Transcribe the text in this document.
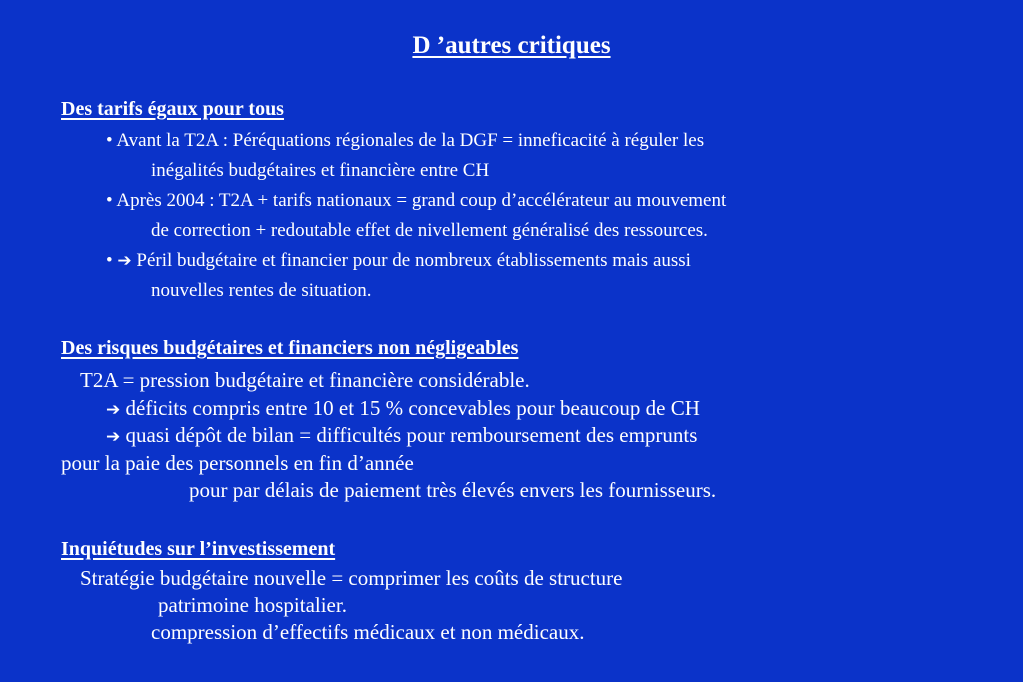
D ’autres critiques
Des tarifs égaux pour tous
• Avant la T2A : Péréquations régionales de la DGF = inneficacité à réguler les
inégalités budgétaires et financière entre CH
• Après 2004 : T2A + tarifs nationaux = grand coup d’accélérateur au mouvement
de correction + redoutable effet de nivellement généralisé des ressources.
• ➔ Péril budgétaire et financier pour de nombreux établissements mais aussi
nouvelles rentes de situation.
Des risques budgétaires et financiers non négligeables
T2A = pression budgétaire et financière considérable.
➔ déficits compris entre 10 et 15 % concevables pour beaucoup de CH
➔ quasi dépôt de bilan = difficultés pour remboursement des emprunts
pour la paie des personnels en fin d’année
pour par délais de paiement très élevés envers les fournisseurs.
Inquiétudes sur l’investissement
Stratégie budgétaire nouvelle = comprimer les coûts de structure
patrimoine hospitalier.
compression d’effectifs médicaux et non médicaux.
